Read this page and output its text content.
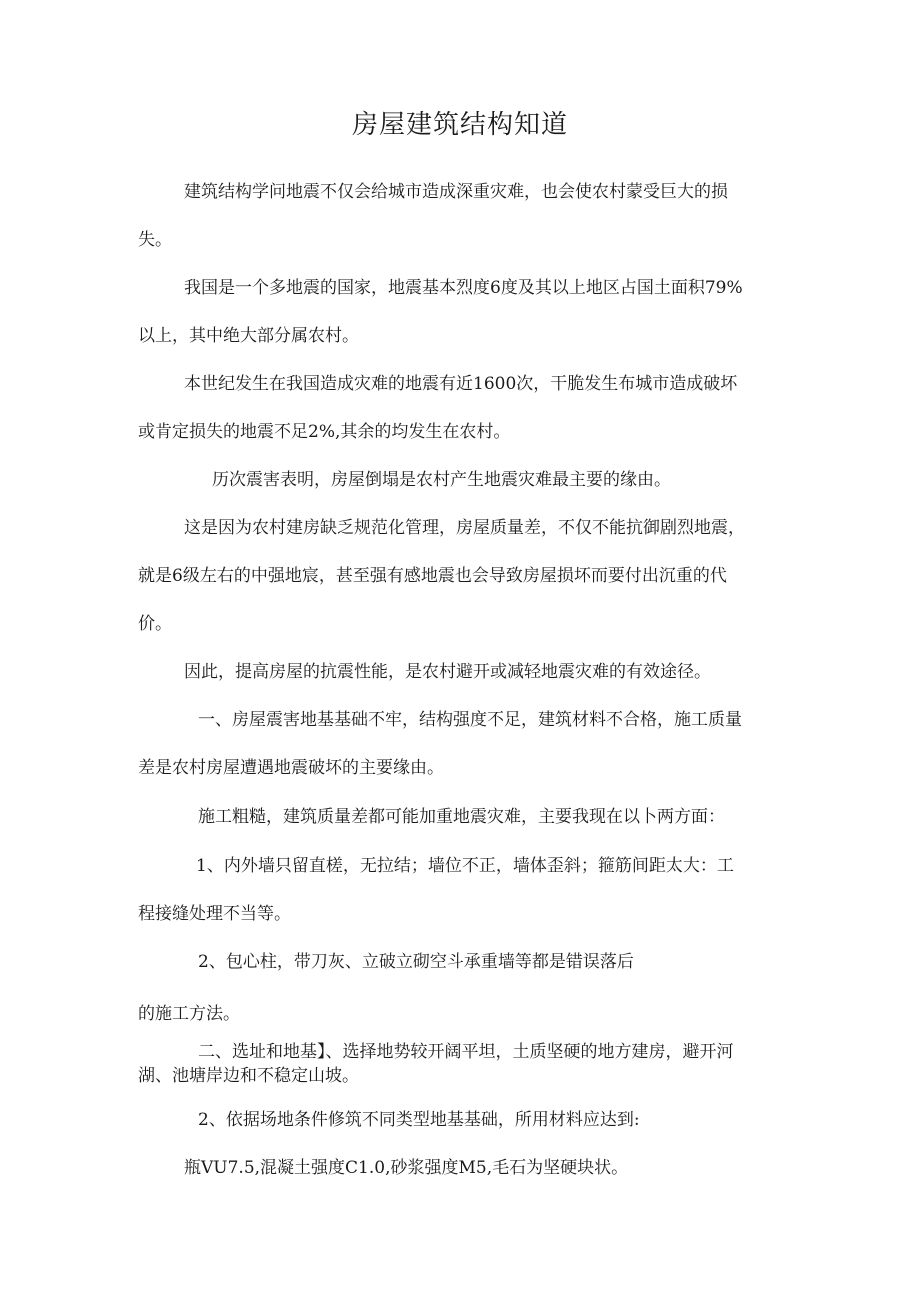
房屋建筑结构知道

建筑结构学问地震不仅会给城市造成深重灾难，也会使农村蒙受巨大的损

失。

我国是一个多地震的国家，地震基本烈度6度及其以上地区占国土面积79%

以上，其中绝大部分属农村。

本世纪发生在我国造成灾难的地震有近1600次，干脆发生布城市造成破坏

或肯定损失的地震不足2%,其余的均发生在农村。

历次震害表明，房屋倒塌是农村产生地震灾难最主要的缘由。

这是因为农村建房缺乏规范化管理，房屋质量差，不仅不能抗御剧烈地震，

就是6级左右的中强地宸，甚至强有感地震也会导致房屋损坏而要付出沉重的代

价。

因此，提高房屋的抗震性能，是农村避开或减轻地震灾难的有效途径。

一、房屋震害地基基础不牢，结构强度不足，建筑材料不合格，施工质量

差是农村房屋遭遇地震破坏的主要缘由。

施工粗糙，建筑质量差都可能加重地震灾难，主要我现在以卜两方面：

1、内外墙只留直槎，无拉结；墙位不正，墙体歪斜；箍筋间距太大：工

程接缝处理不当等。

2、包心柱，带刀灰、立破立砌空斗承重墙等都是错误落后

的施工方法。

二、选址和地基】、选择地势较开阔平坦，土质坚硬的地方建房，避开河

湖、池塘岸边和不稳定山坡。

2、依据场地条件修筑不同类型地基基础，所用材料应达到:

瓶VU7.5,混凝土强度C1.0,砂浆强度M5,毛石为坚硬块状。
